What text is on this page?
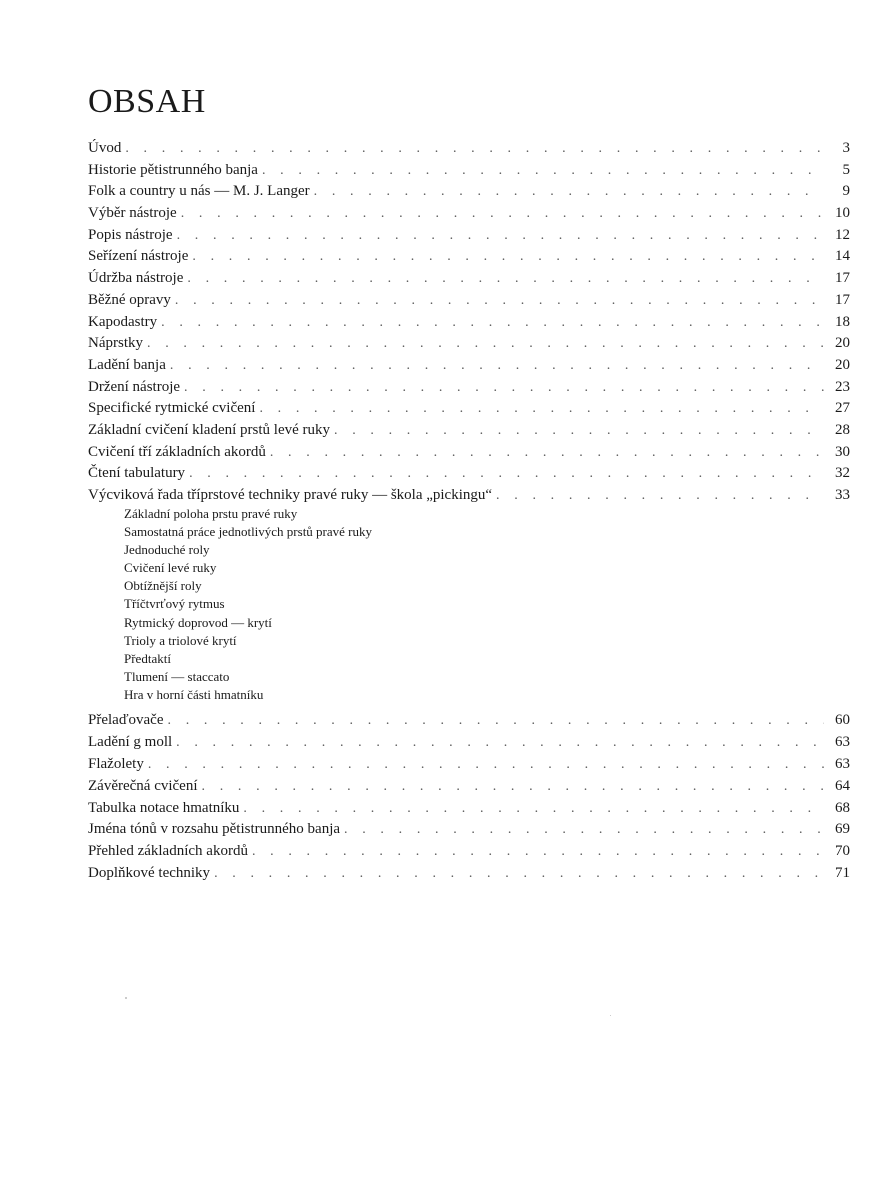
OBSAH
Úvod . . .	3
Historie pětistrunného banja . . .	5
Folk a country u nás — M. J. Langer . . .	9
Výběr nástroje . . .	10
Popis nástroje . . .	12
Seřízení nástroje . . .	14
Údržba nástroje . . .	17
Běžné opravy . . .	17
Kapodastry . . .	18
Náprstky . . .	20
Ladění banja . . .	20
Držení nástroje . . .	23
Specifické rytmické cvičení . . .	27
Základní cvičení kladení prstů levé ruky . . .	28
Cvičení tří základních akordů . . .	30
Čtení tabulatury . . .	32
Výcviková řada tříprstové techniky pravé ruky — škola „pickingu“ . . .	33
Základní poloha prstu pravé ruky
Samostatná práce jednotlivých prstů pravé ruky
Jednoduché roly
Cvičení levé ruky
Obtížnější roly
Tříčtvrťový rytmus
Rytmický doprovod — krytí
Trioly a triolové krytí
Předtaktí
Tlumení — staccato
Hra v horní části hmatníku
Přelaďovače . . .	60
Ladění g moll . . .	63
Flažolety . . .	63
Závěrečná cvičení . . .	64
Tabulka notace hmatníku . . .	68
Jména tónů v rozsahu pětistrunného banja . . .	69
Přehled základních akordů . . .	70
Doplňkové techniky . . .	71
